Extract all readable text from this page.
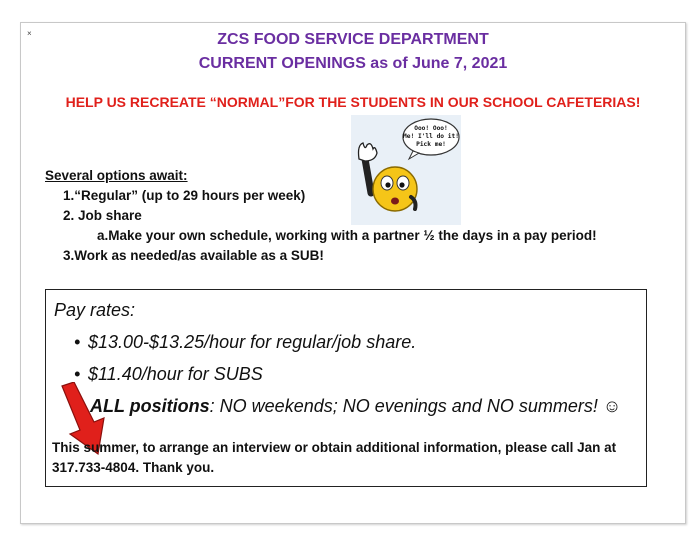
×	ZCS FOOD SERVICE DEPARTMENT
CURRENT OPENINGS as of June 7, 2021
HELP US RECREATE “NORMAL”FOR THE STUDENTS IN OUR SCHOOL CAFETERIAS!
Ooo! Ooo!
Me! I'll do it!
Pick me!
Several options await:
1.“Regular” (up to 29 hours per week)
2. Job share
a.Make your own schedule, working with a partner ½ the days in a pay period!
3.Work as needed/as available as a SUB!
Pay rates:
• $13.00-$13.25/hour for regular/job share.
• $11.40/hour for SUBS
ALL positions: NO weekends; NO evenings and NO summers! ☺
This summer, to arrange an interview or obtain additional information, please call Jan at 317.733-4804. Thank you.
